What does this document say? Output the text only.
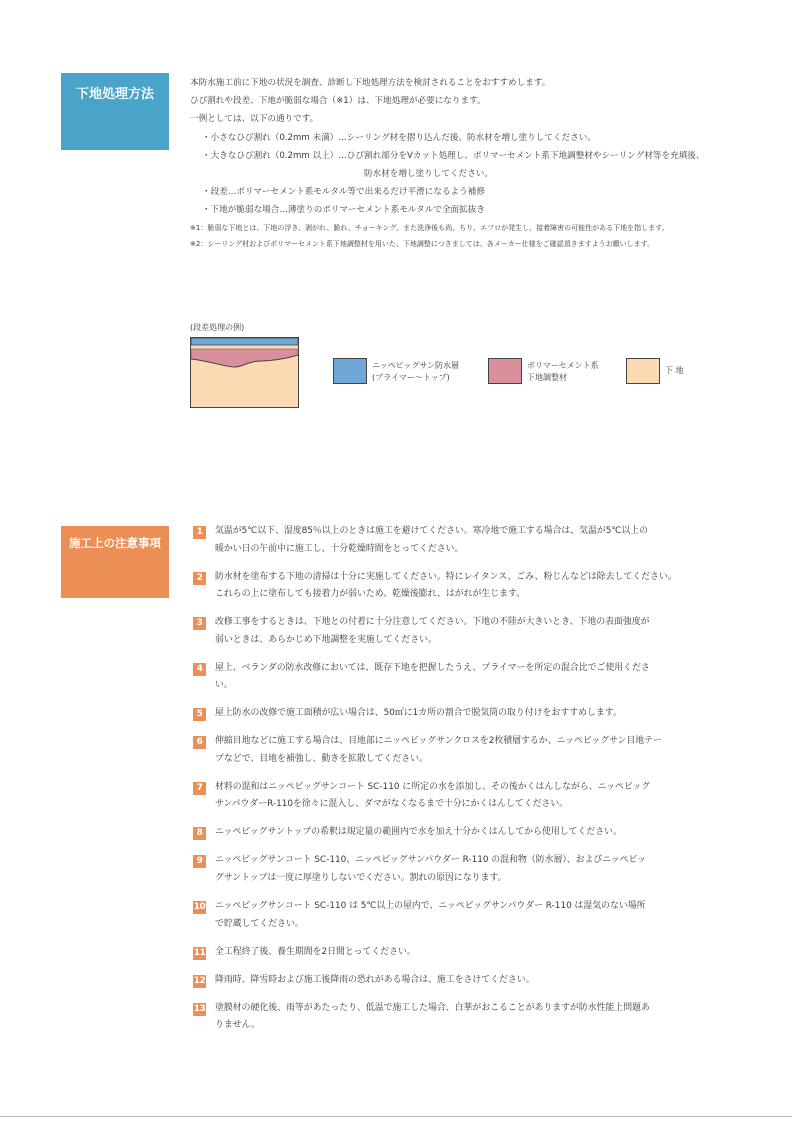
下地処理方法
本防水施工前に下地の状況を調査、診断し下地処理方法を検討されることをおすすめします。
ひび割れや段差、下地が脆弱な場合（※1）は、下地処理が必要になります。
一例としては、以下の通りです。
・小さなひび割れ（0.2mm 未満）…シーリング材を摺り込んだ後、防水材を増し塗りしてください。
・大きなひび割れ（0.2mm 以上）…ひび割れ部分をVカット処理し、ポリマーセメント系下地調整材やシーリング材等を充填後、
防水材を増し塗りしてください。
・段差…ポリマーセメント系モルタル等で出来るだけ平滑になるよう補修
・下地が脆弱な場合…薄塗りのポリマーセメント系モルタルで全面拡抜き
※1：脆弱な下地とは、下地の浮き、剥がれ、脆れ、チョーキング、また洗浄後も尚、ちり、エフロが発生し、接着障害の可能性がある下地を指します。
※2：シーリング材およびポリマーセメント系下地調整材を用いた、下地調整につきましては、各メーカー仕様をご確認頂きますようお願いします。
(段差処理の例)
ニッペビッグサン防水層
(プライマー〜トップ)
ポリマーセメント系
下地調整材
下 地
施工上の注意事項
1	気温が5℃以下、湿度85％以上のときは施工を避けてください。寒冷地で施工する場合は、気温が5℃以上の
暖かい日の午前中に施工し、十分乾燥時間をとってください。
2	防水材を塗布する下地の清掃は十分に実施してください。特にレイタンス、ごみ、粉じんなどは除去してください。
これらの上に塗布しても接着力が弱いため、乾燥後膨れ、はがれが生じます。
3	改修工事をするときは、下地との付着に十分注意してください。下地の不陸が大きいとき、下地の表面強度が
弱いときは、あらかじめ下地調整を実施してください。
4	屋上、ベランダの防水改修においては、既存下地を把握したうえ、プライマーを所定の混合比でご使用くださ
い。
5	屋上防水の改修で施工面積が広い場合は、50㎡に1カ所の割合で脱気筒の取り付けをおすすめします。
6	伸縮目地などに施工する場合は、目地部にニッペビッグサンクロスを2枚積層するか、ニッペビッグサン目地テー
プなどで、目地を補強し、動きを拡散してください。
7	材料の混和はニッペビッグサンコート SC-110 に所定の水を添加し、その後かくはんしながら、ニッペビッグ
サンパウダーR-110を徐々に混入し、ダマがなくなるまで十分にかくはんしてください。
8	ニッペビッグサントップの希釈は規定量の範囲内で水を加え十分かくはんしてから使用してください。
9	ニッペビッグサンコート SC-110、ニッペビッグサンパウダー R-110 の混和物（防水層）、およびニッペビッ
グサントップは一度に厚塗りしないでください。割れの原因になります。
10 ニッペビッグサンコート SC-110 は 5℃以上の屋内で、ニッペビッグサンパウダー R-110 は湿気のない場所
で貯蔵してください。
11 全工程終了後、養生期間を2日間とってください。
12 降雨時、降雪時および施工後降雨の恐れがある場合は、施工をさけてください。
13 塗膜材の硬化後、雨等があたったり、低温で施工した場合、白華がおこることがありますが防水性能上問題あ
りません。
